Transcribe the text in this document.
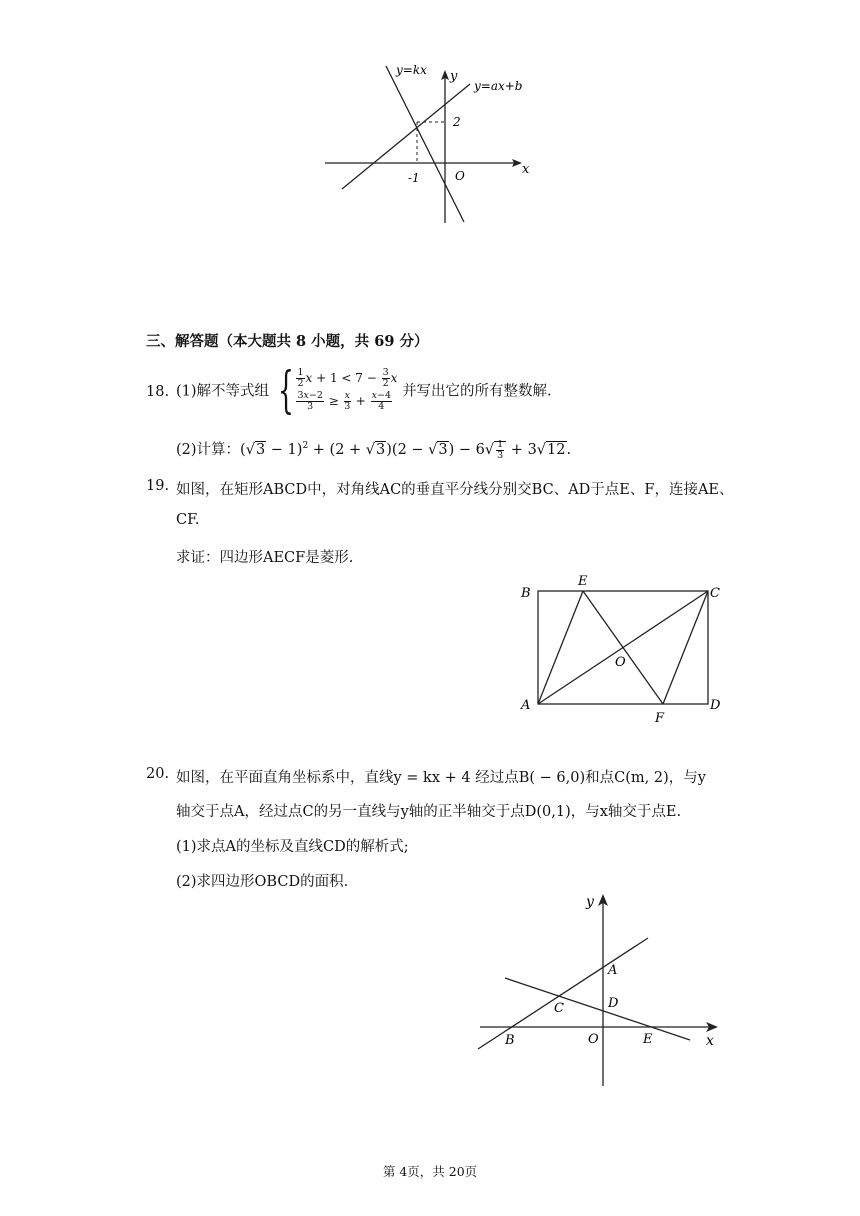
y=kx y
y=ax+b
2
-1	O	x
三、解答题（本大题共 8 小题，共 69 分）
18. (1)解不等式组 { $\frac{1}{2}$ $x + 1 < 7 - \frac{3}{2}$ x
$\frac{3x-2}{3} \ge \frac{x}{3} + \frac{x-4}{4}$ 并写出它的所有整数解.
(2)计算：$(√3 - 1)^2 + (2 + √3)(2 - √3) - 6√ \frac{1}{3} + 3√12$.
19. 如图，在矩形ABCD中，对角线AC的垂直平分线分别交BC、AD于点E、F，连接AE、
CF.
求证：四边形AECF是菱形.
B
E
C
O
A
F
D
20. 如图，在平面直角坐标系中，直线y = kx + 4 经过点B( − 6,0)和点C(m, 2)，与y
轴交于点A，经过点C的另一直线与y轴的正半轴交于点D(0,1)，与x轴交于点E.
(1)求点A的坐标及直线CD的解析式;
(2)求四边形OBCD的面积.
y
A
C	D
B	O	E	x
第 4页，共 20页
